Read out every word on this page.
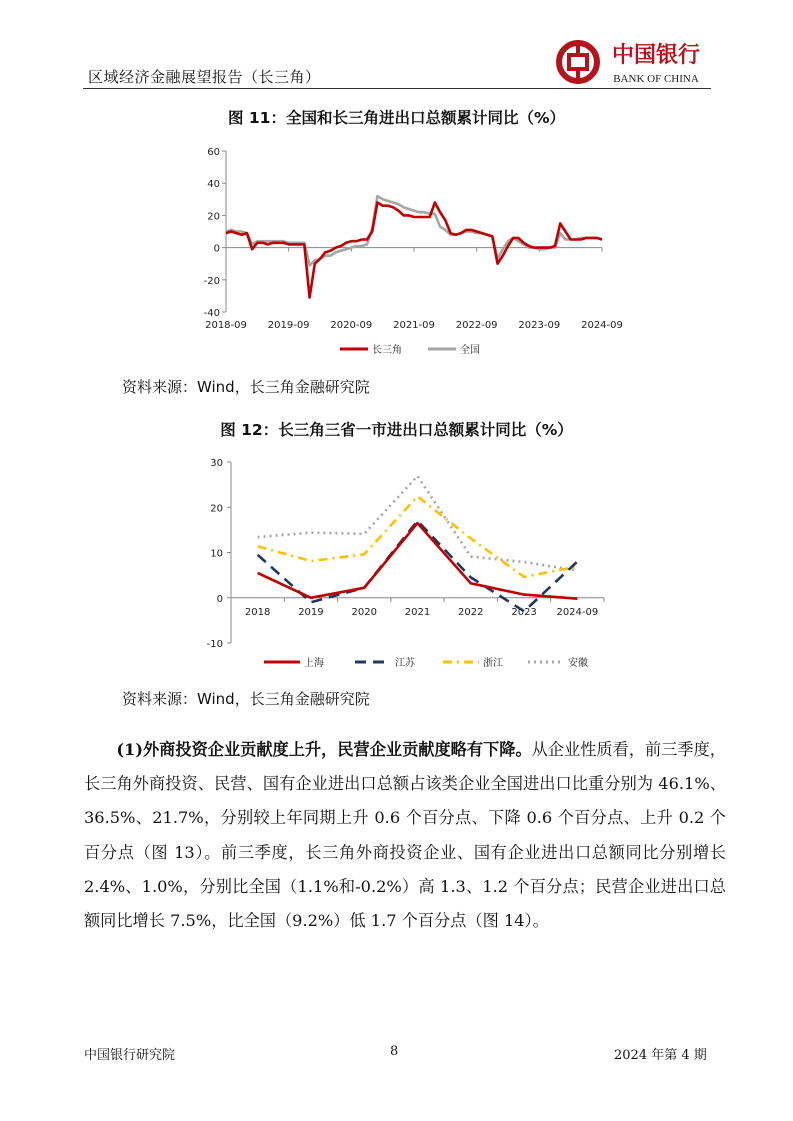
区域经济金融展望报告（长三角）
中国银行
BANK OF CHINA
图 11：全国和长三角进出口总额累计同比（%）
-40
-20
0
20
40
60
2018-09 2019-09 2020-09 2021-09 2022-09 2023-09 2024-09
长三角	全国
资料来源：Wind，长三角金融研究院
图 12：长三角三省一市进出口总额累计同比（%）
-10
0
10
20
30
2018	2019	2020	2021	2022	2023 2024-09
上海	江苏	浙江	安徽
资料来源：Wind，长三角金融研究院

(1)外商投资企业贡献度上升，民营企业贡献度略有下降。从企业性质看，前三季度，长三角外商投资、民营、国有企业进出口总额占该类企业全国进出口比重分别为 46.1%、36.5%、21.7%，分别较上年同期上升 0.6 个百分点、下降 0.6 个百分点、上升 0.2 个百分点（图 13）。前三季度，长三角外商投资企业、国有企业进出口总额同比分别增长 2.4%、1.0%，分别比全国（1.1%和-0.2%）高 1.3、1.2 个百分点；民营企业进出口总额同比增长 7.5%，比全国（9.2%）低 1.7 个百分点（图 14）。

中国银行研究院	8	2024 年第 4 期
